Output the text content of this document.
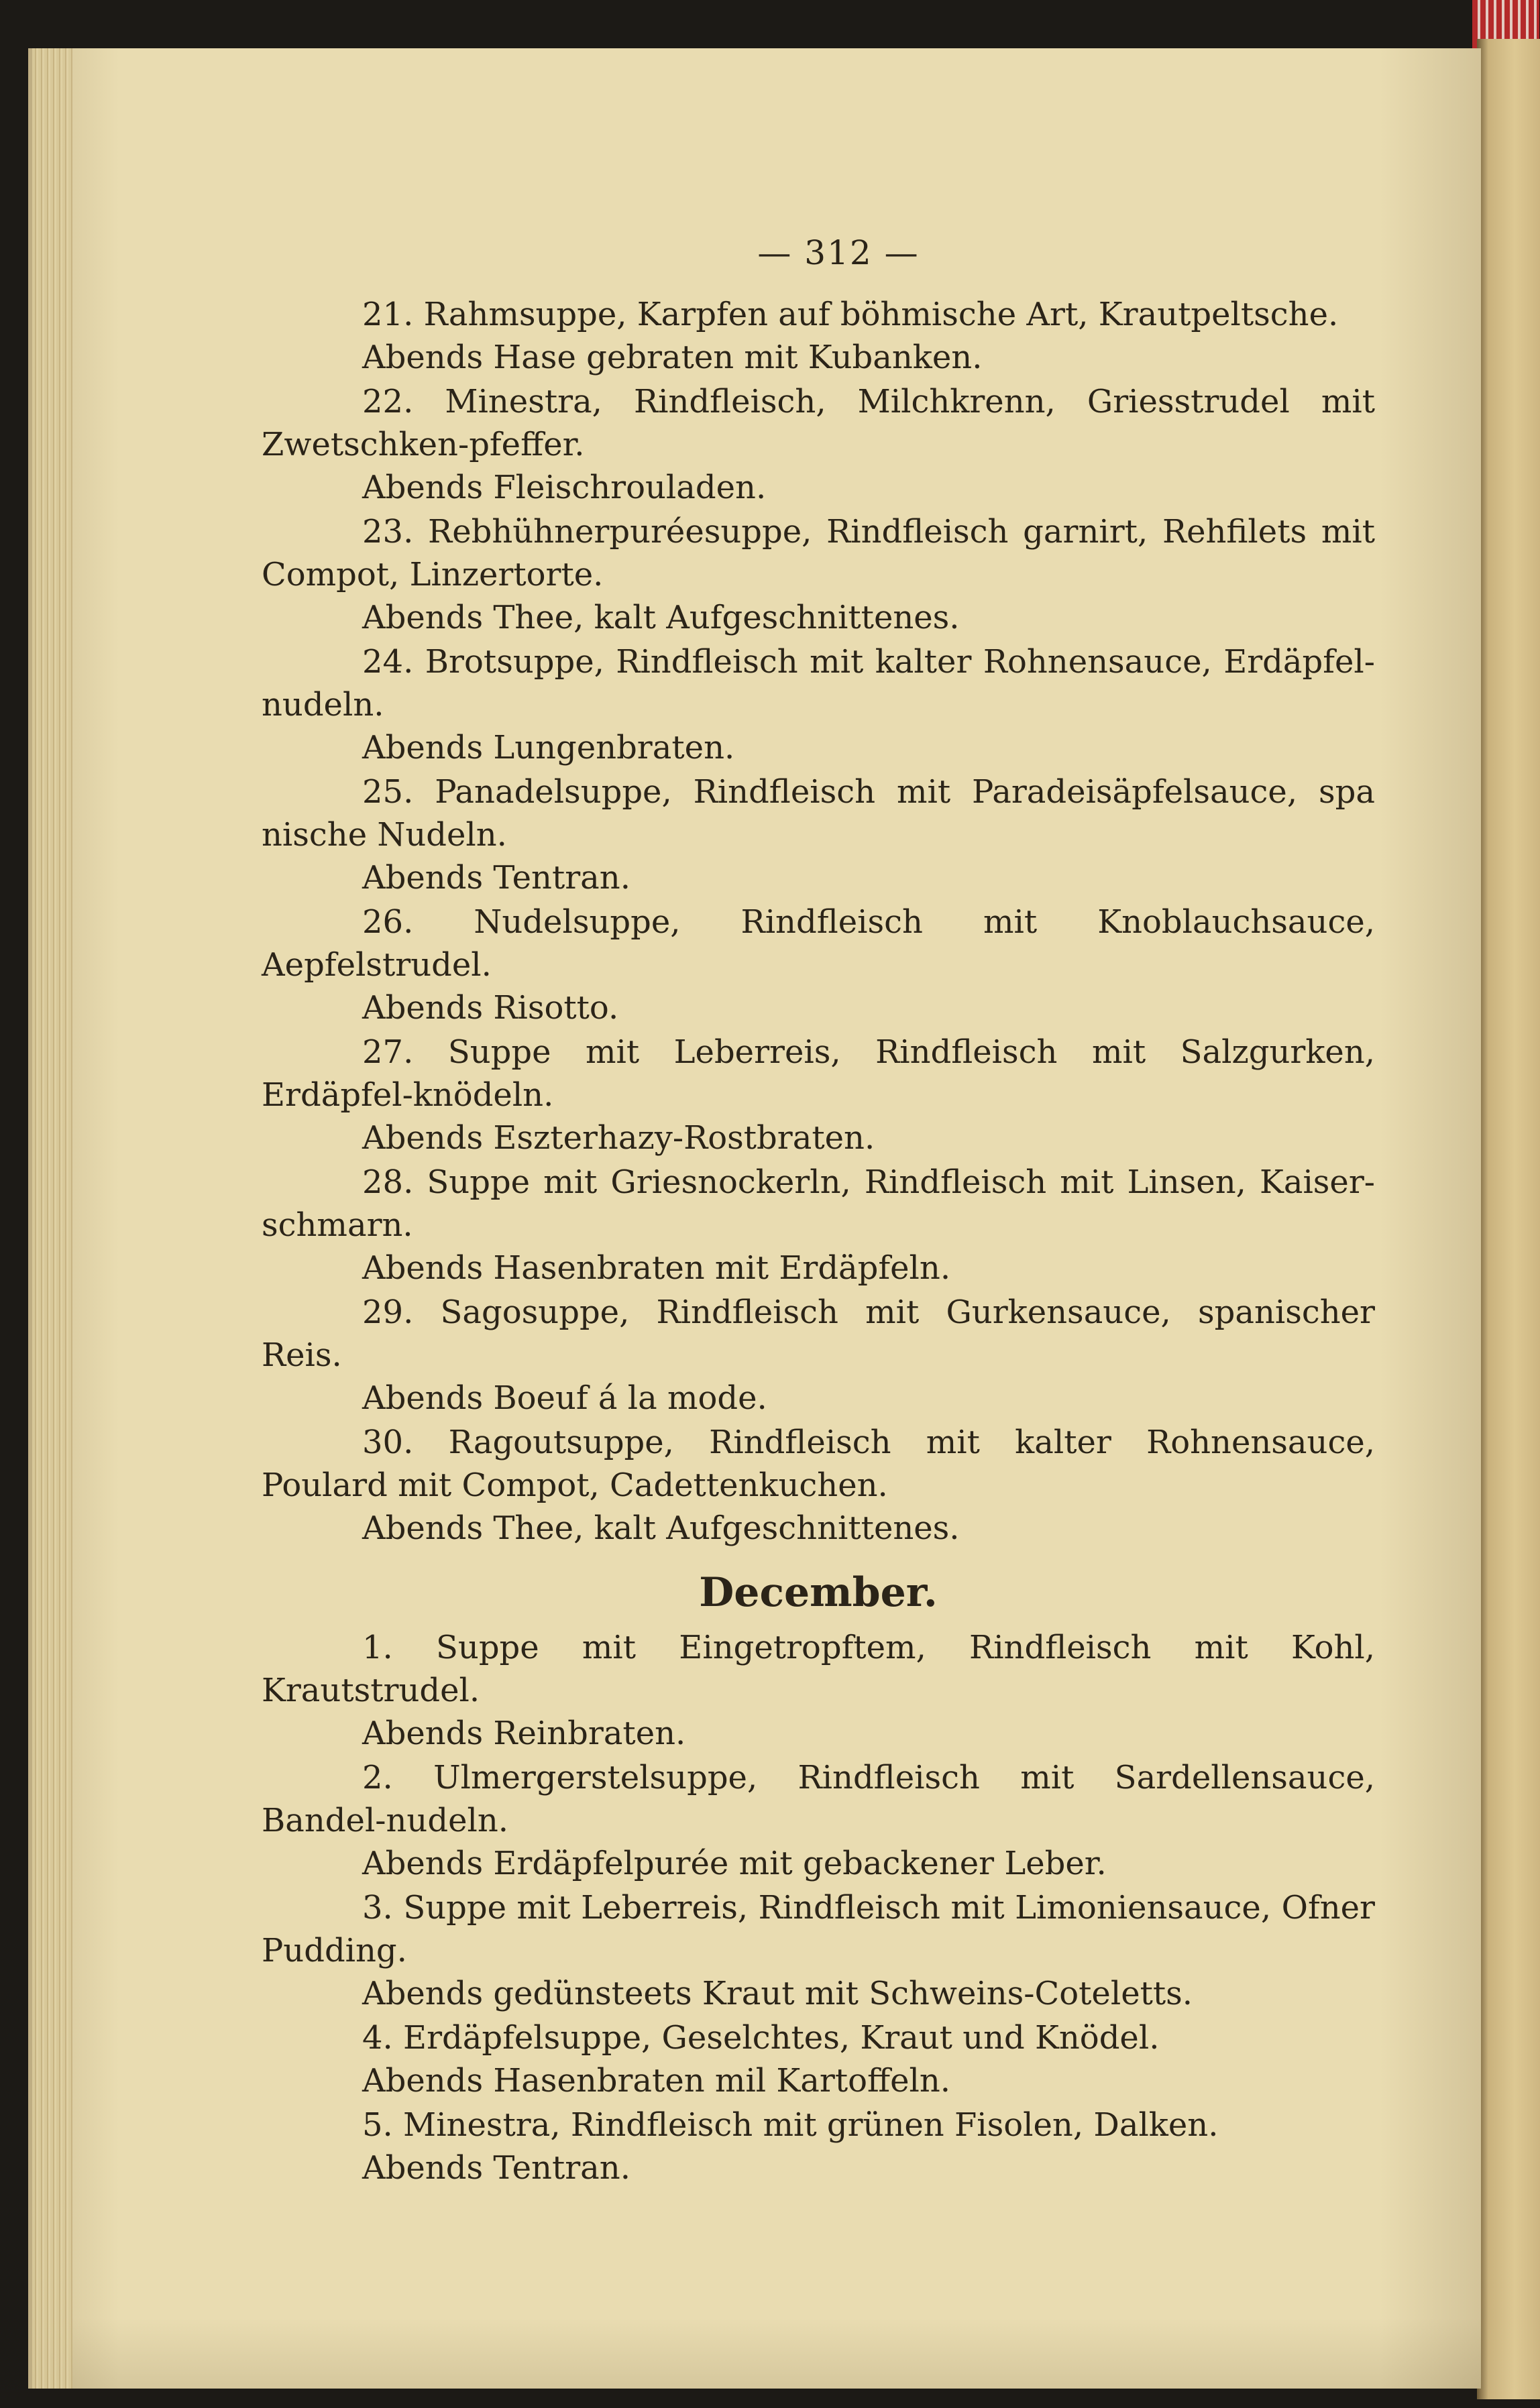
— 312 —
21. Rahmsuppe, Karpfen auf böhmische Art, Krautpeltsche.
Abends Hase gebraten mit Kubanken.
22. Minestra, Rindfleisch, Milchkrenn, Griesstrudel mit Zwetschken-pfeffer.
Abends Fleischrouladen.
23. Rebhühnerpuréesuppe, Rindfleisch garnirt, Rehfilets mit Compot, Linzertorte.
Abends Thee, kalt Aufgeschnittenes.
24. Brotsuppe, Rindfleisch mit kalter Rohnensauce, Erdäpfel-nudeln.
Abends Lungenbraten.
25. Panadelsuppe, Rindfleisch mit Paradeisäpfelsauce, spa nische Nudeln.
Abends Tentran.
26. Nudelsuppe, Rindfleisch mit Knoblauchsauce, Aepfelstrudel.
Abends Risotto.
27. Suppe mit Leberreis, Rindfleisch mit Salzgurken, Erdäpfel-knödeln.
Abends Eszterhazy-Rostbraten.
28. Suppe mit Griesnockerln, Rindfleisch mit Linsen, Kaiser-schmarn.
Abends Hasenbraten mit Erdäpfeln.
29. Sagosuppe, Rindfleisch mit Gurkensauce, spanischer Reis.
Abends Boeuf á la mode.
30. Ragoutsuppe, Rindfleisch mit kalter Rohnensauce, Poulard mit Compot, Cadettenkuchen.
Abends Thee, kalt Aufgeschnittenes.
December.
1. Suppe mit Eingetropftem, Rindfleisch mit Kohl, Krautstrudel.
Abends Reinbraten.
2. Ulmergerstelsuppe, Rindfleisch mit Sardellensauce, Bandel-nudeln.
Abends Erdäpfelpurée mit gebackener Leber.
3. Suppe mit Leberreis, Rindfleisch mit Limoniensauce, Ofner Pudding.
Abends gedünsteets Kraut mit Schweins-Coteletts.
4. Erdäpfelsuppe, Geselchtes, Kraut und Knödel.
Abends Hasenbraten mil Kartoffeln.
5. Minestra, Rindfleisch mit grünen Fisolen, Dalken.
Abends Tentran.
